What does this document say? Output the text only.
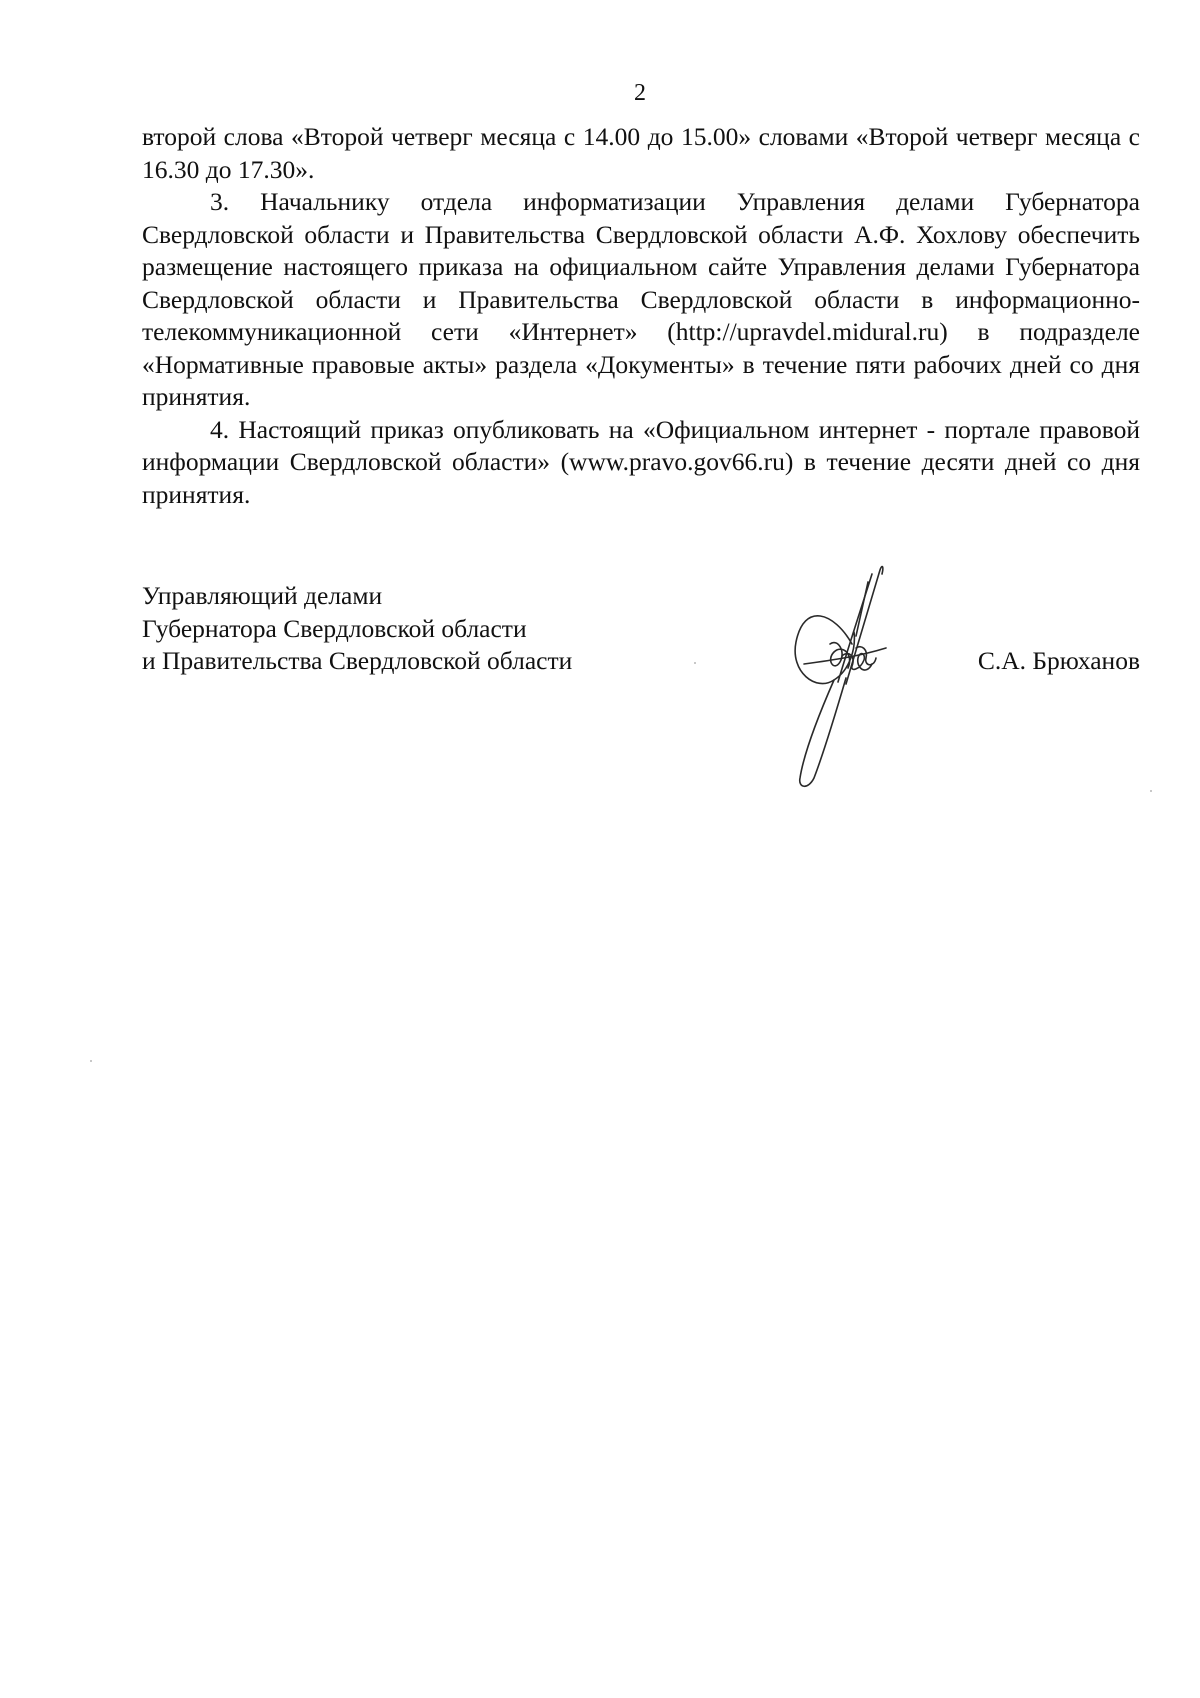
2

второй слова «Второй четверг месяца с 14.00 до 15.00» словами «Второй четверг месяца с 16.30 до 17.30».

3. Начальнику отдела информатизации Управления делами Губернатора Свердловской области и Правительства Свердловской области А.Ф. Хохлову обеспечить размещение настоящего приказа на официальном сайте Управления делами Губернатора Свердловской области и Правительства Свердловской области в информационно-телекоммуникационной сети «Интернет» (http://upravdel.midural.ru) в подразделе «Нормативные правовые акты» раздела «Документы» в течение пяти рабочих дней со дня принятия.

4. Настоящий приказ опубликовать на «Официальном интернет - портале правовой информации Свердловской области» (www.pravo.gov66.ru) в течение десяти дней со дня принятия.

Управляющий делами
Губернатора Свердловской области
и Правительства Свердловской области	С.А. Брюханов
